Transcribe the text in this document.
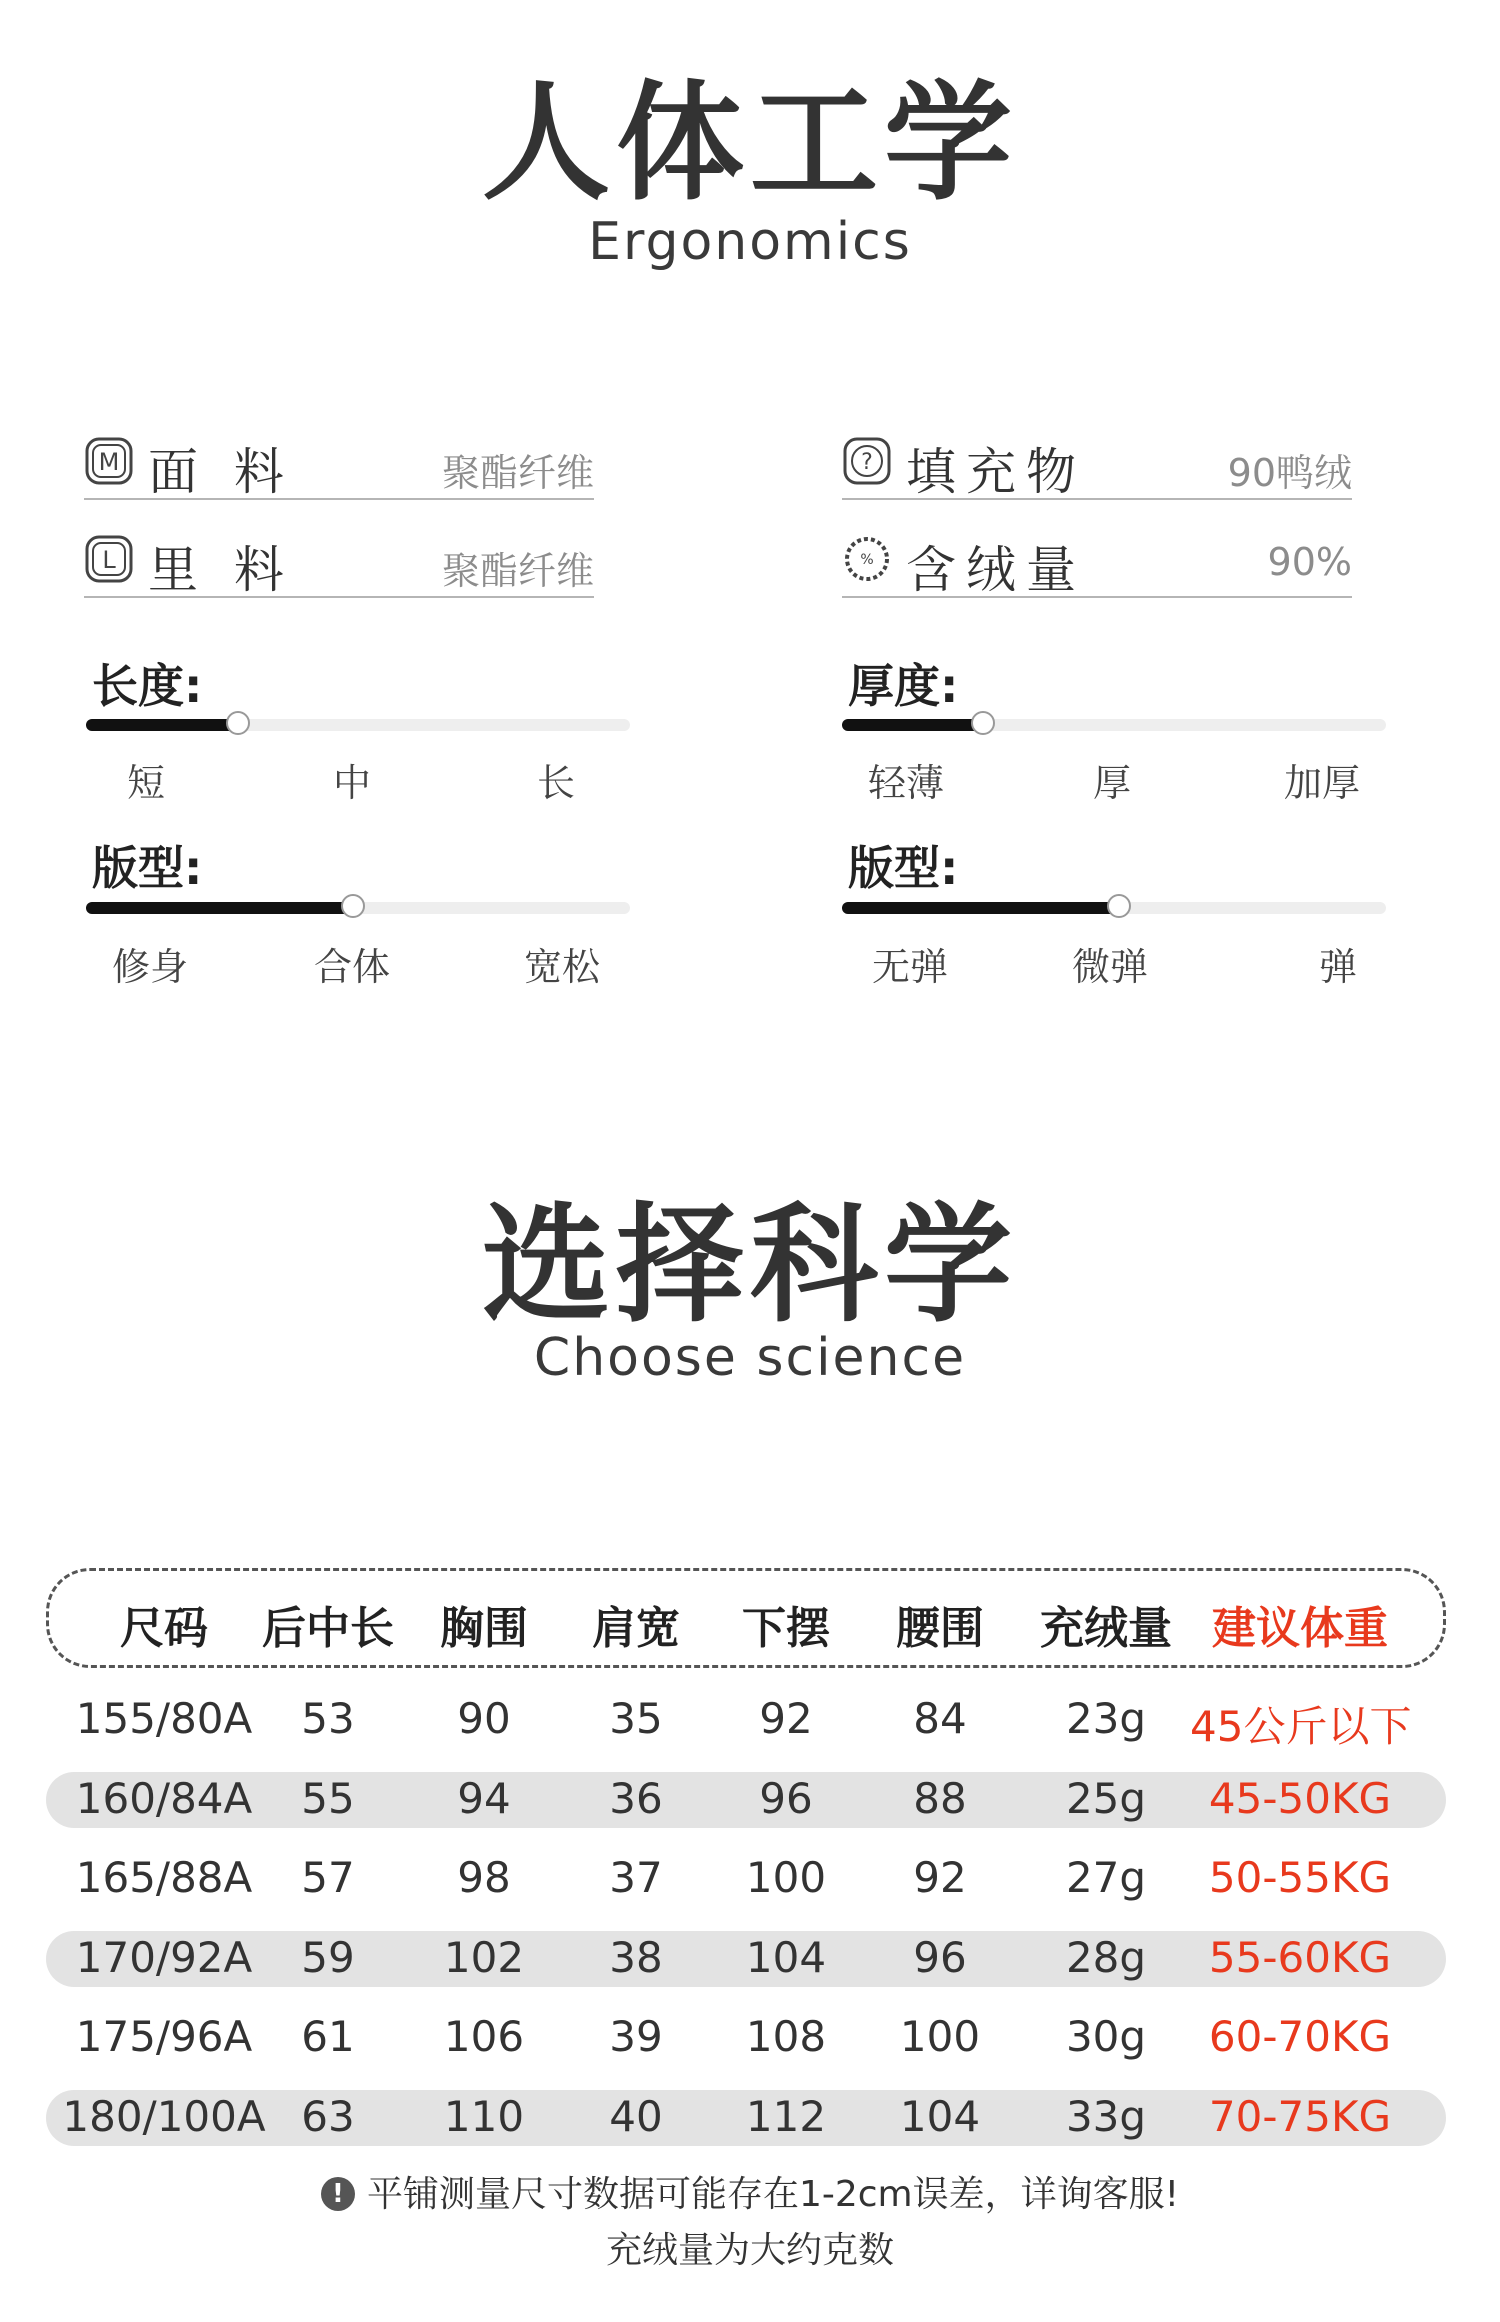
人体工学
Ergonomics
M 面 料	聚酯纤维	? 填充物	90鸭绒
L 里 料	聚酯纤维	% 含绒量	90%
长度:
短	中	长
厚度:
轻薄	厚	加厚
版型:
修身	合体	宽松
版型:
无弹	微弹	弹
选择科学
Choose science
尺码	后中长	胸围	肩宽	下摆	腰围	充绒量 建议体重
155/80A	53	90	35	92	84	23g	45公斤以下
160/84A	55	94	36	96	88	25g	45-50KG
165/88A	57	98	37	100	92	27g	50-55KG
170/92A	59	102	38	104	96	28g	55-60KG
175/96A	61	106	39	108	100	30g	60-70KG
180/100A 63	110	40	112	104	33g	70-75KG
! 平铺测量尺寸数据可能存在1-2cm误差，详询客服!
充绒量为大约克数
